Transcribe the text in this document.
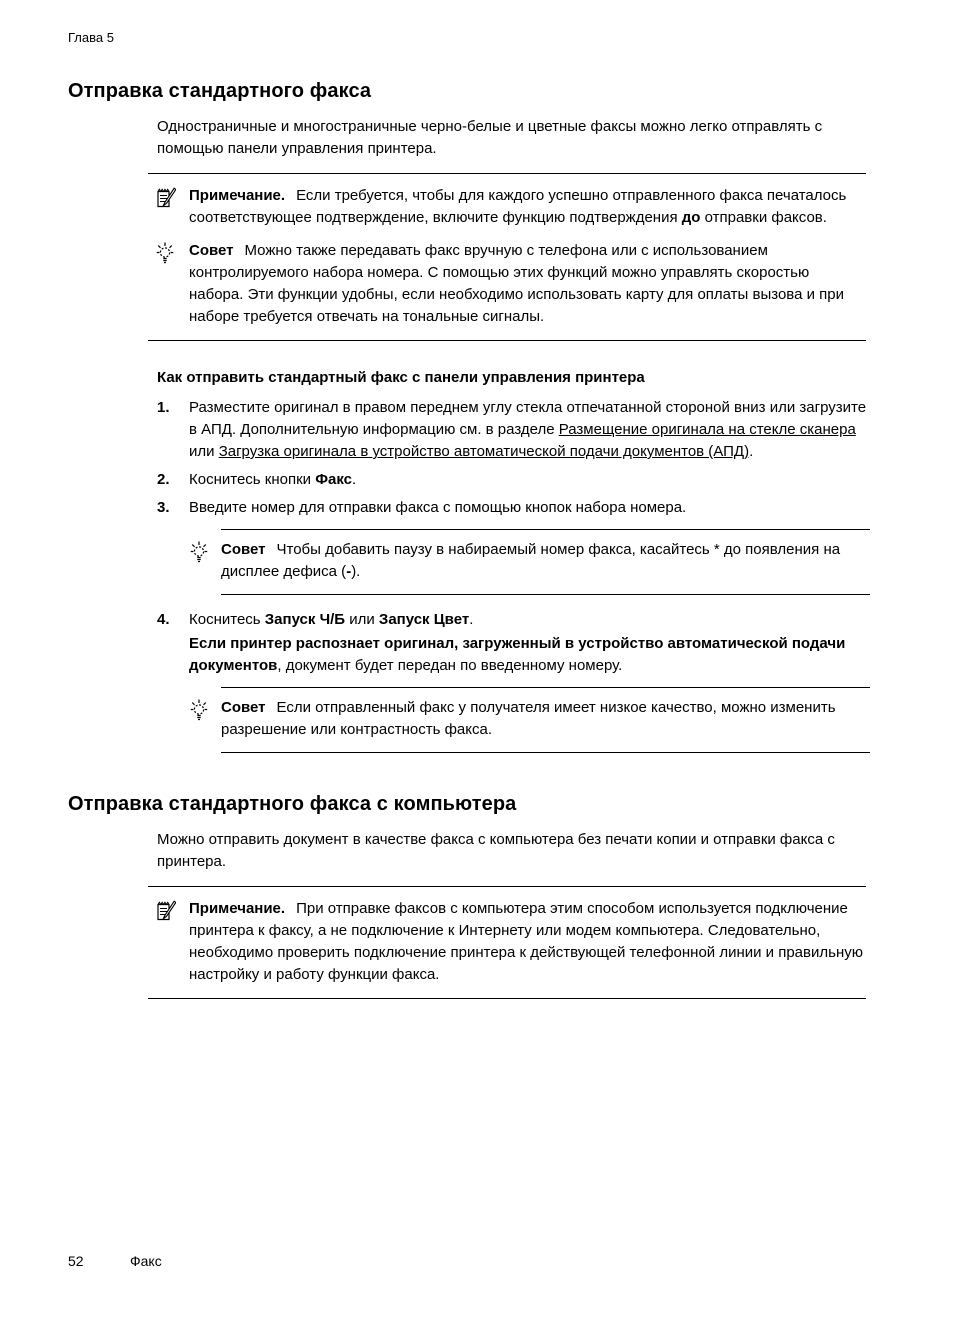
Глава 5
Отправка стандартного факса

Одностраничные и многостраничные черно-белые и цветные факсы можно легко отправлять с помощью панели управления принтера.

Примечание. Если требуется, чтобы для каждого успешно отправленного факса печаталось соответствующее подтверждение, включите функцию подтверждения до отправки факсов.
Совет Можно также передавать факс вручную с телефона или с использованием контролируемого набора номера. С помощью этих функций можно управлять скоростью набора. Эти функции удобны, если необходимо использовать карту для оплаты вызова и при наборе требуется отвечать на тональные сигналы.
Как отправить стандартный факс с панели управления принтера
1.	Разместите оригинал в правом переднем углу стекла отпечатанной стороной вниз или загрузите в АПД. Дополнительную информацию см. в разделе Размещение оригинала на стекле сканера или Загрузка оригинала в устройство автоматической подачи документов (АПД).
2.	Коснитесь кнопки Факс.
3.	Введите номер для отправки факса с помощью кнопок набора номера.
Совет Чтобы добавить паузу в набираемый номер факса, касайтесь * до появления на дисплее дефиса (-).
4.	Коснитесь Запуск Ч/Б или Запуск Цвет.
Если принтер распознает оригинал, загруженный в устройство автоматической подачи документов, документ будет передан по введенному номеру.
Совет Если отправленный факс у получателя имеет низкое качество, можно изменить разрешение или контрастность факса.
Отправка стандартного факса с компьютера

Можно отправить документ в качестве факса с компьютера без печати копии и отправки факса с принтера.

Примечание. При отправке факсов с компьютера этим способом используется подключение принтера к факсу, а не подключение к Интернету или модем компьютера. Следовательно, необходимо проверить подключение принтера к действующей телефонной линии и правильную настройку и работу функции факса.
52	Факс
